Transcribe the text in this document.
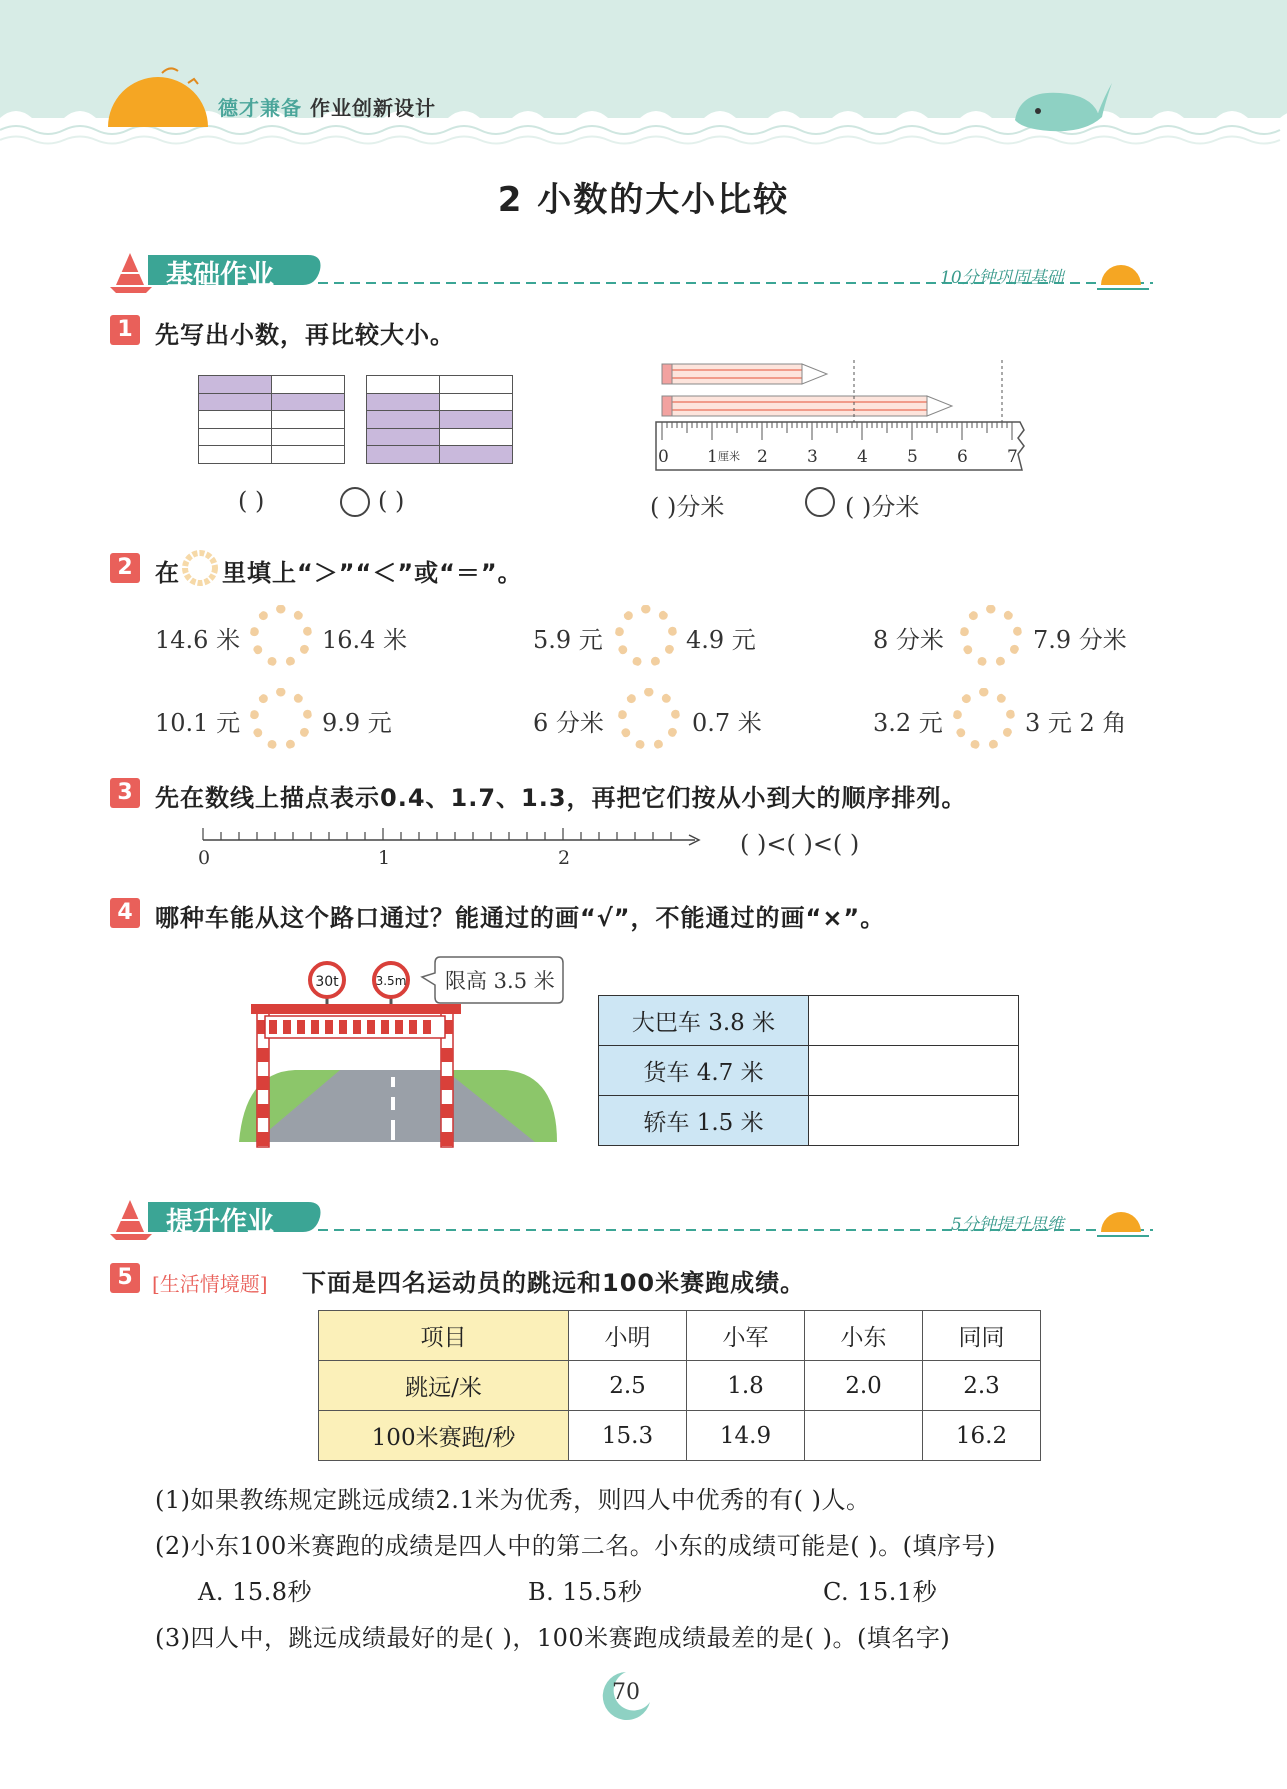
德才兼备 作业创新设计
2 小数的大小比较
基础作业	10分钟巩固基础
1 先写出小数，再比较大小。

( )	( )
0 1 厘米 2 3 4 5 6 7
( )分米	( )分米
2 在 里填上“＞”“＜”或“＝”。
14.6 米	16.4 米	5.9 元	4.9 元	8 分米	7.9 分米
10.1 元	9.9 元	6 分米	0.7 米	3.2 元	3 元 2 角
3 先在数线上描点表示0.4、1.7、1.3，再把它们按从小到大的顺序排列。
0	1	2	( )<( )<( )
4 哪种车能从这个路口通过？能通过的画“√”，不能通过的画“×”。
30t	3.5m 限高 3.5 米
大巴车 3.8 米	
货车 4.7 米	
轿车 1.5 米	
提升作业	5分钟提升思维
5 [生活情境题] 下面是四名运动员的跳远和100米赛跑成绩。
项目	小明	小军	小东	同同
跳远/米	2.5	1.8	2.0	2.3
100米赛跑/秒	15.3	14.9		16.2
(1)如果教练规定跳远成绩2.1米为优秀，则四人中优秀的有( )人。
(2)小东100米赛跑的成绩是四人中的第二名。小东的成绩可能是( )。(填序号)
A. 15.8秒	B. 15.5秒	C. 15.1秒
(3)四人中，跳远成绩最好的是( )，100米赛跑成绩最差的是( )。(填名字)
70
